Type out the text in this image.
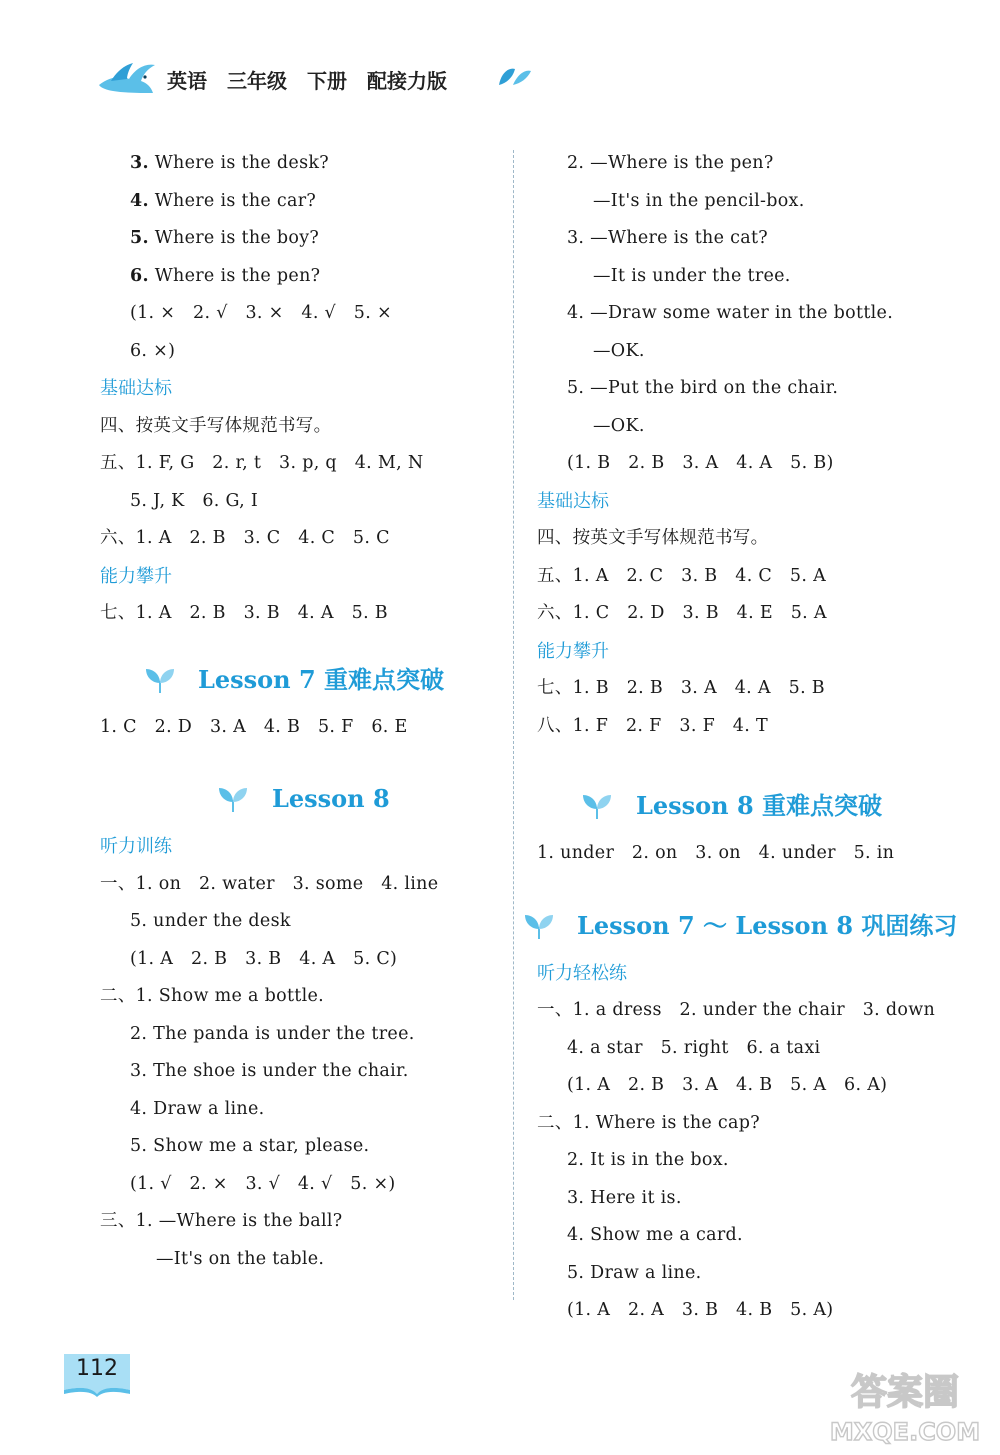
英语 三年级 下册 配接力版
3. Where is the desk?
4. Where is the car?
5. Where is the boy?
6. Where is the pen?
(1. ×　2. √　3. ×　4. √　5. ×
6. ×)
基础达标
四、按英文手写体规范书写。
五、1. F, G　2. r, t　3. p, q　4. M, N
5. J, K　6. G, I
六、1. A　2. B　3. C　4. C　5. C
能力攀升
七、1. A　2. B　3. B　4. A　5. B
Lesson 7 重难点突破
1. C　2. D　3. A　4. B　5. F　6. E
Lesson 8
听力训练
一、1. on　2. water　3. some　4. line
5. under the desk
(1. A　2. B　3. B　4. A　5. C)
二、1. Show me a bottle.
2. The panda is under the tree.
3. The shoe is under the chair.
4. Draw a line.
5. Show me a star, please.
(1. √　2. ×　3. √　4. √　5. ×)
三、1. —Where is the ball?
—It's on the table.
2. —Where is the pen?
—It's in the pencil-box.
3. —Where is the cat?
—It is under the tree.
4. —Draw some water in the bottle.
—OK.
5. —Put the bird on the chair.
—OK.
(1. B　2. B　3. A　4. A　5. B)
基础达标
四、按英文手写体规范书写。
五、1. A　2. C　3. B　4. C　5. A
六、1. C　2. D　3. B　4. E　5. A
能力攀升
七、1. B　2. B　3. A　4. A　5. B
八、1. F　2. F　3. F　4. T
Lesson 8 重难点突破
1. under　2. on　3. on　4. under　5. in
Lesson 7 ～ Lesson 8 巩固练习
听力轻松练
一、1. a dress　2. under the chair　3. down
4. a star　5. right　6. a taxi
(1. A　2. B　3. A　4. B　5. A　6. A)
二、1. Where is the cap?
2. It is in the box.
3. Here it is.
4. Show me a card.
5. Draw a line.
(1. A　2. A　3. B　4. B　5. A)
112
答案圈
MXQE.COM
